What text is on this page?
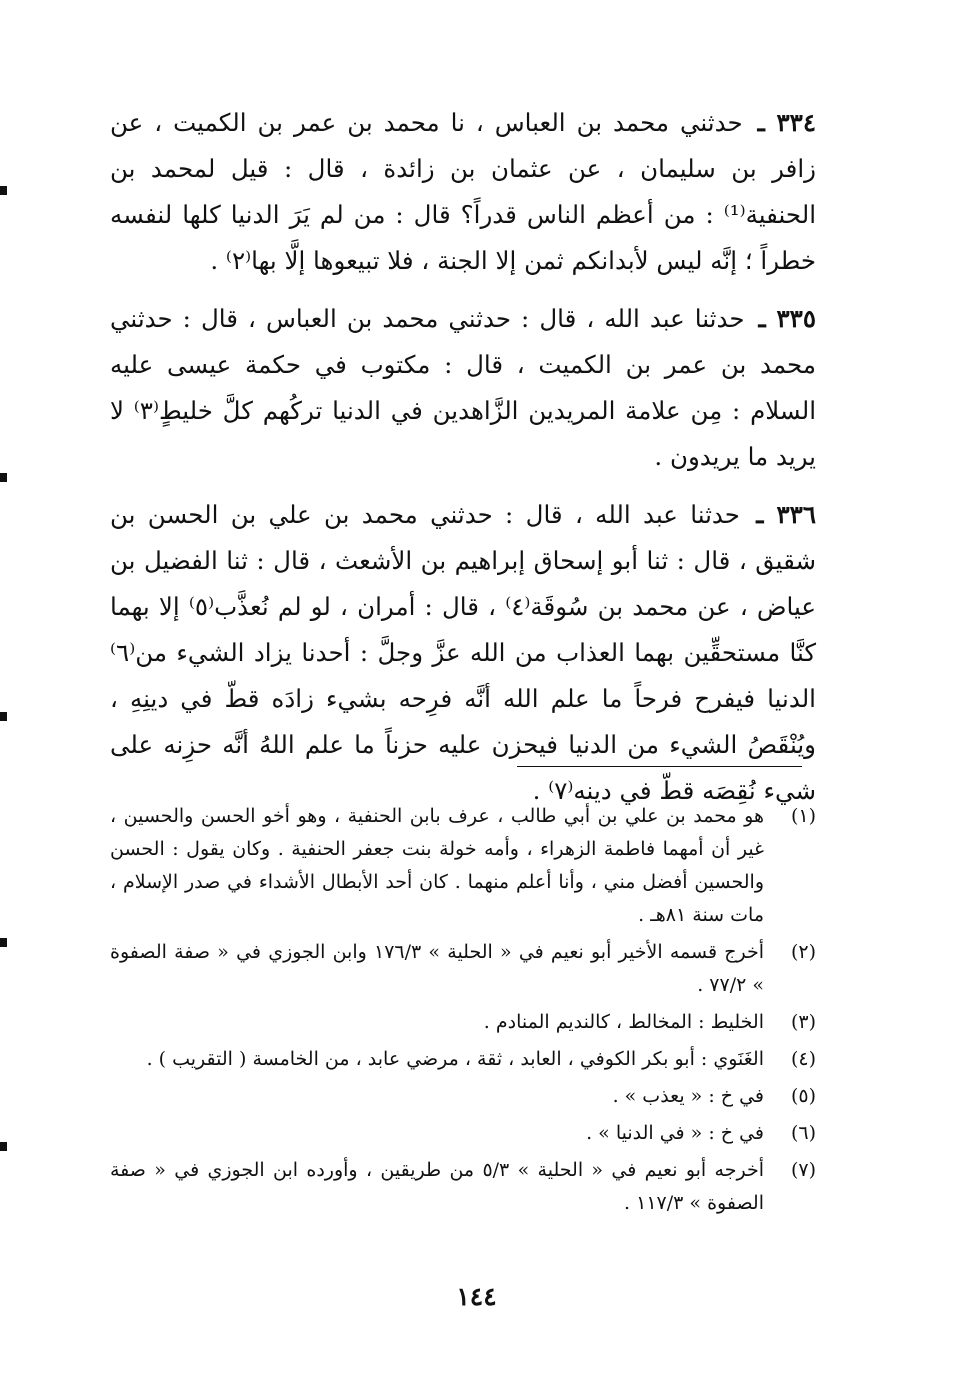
٣٣٤ ـ حدثني محمد بن العباس ، نا محمد بن عمر بن الكميت ، عن زافر بن سليمان ، عن عثمان بن زائدة ، قال : قيل لمحمد بن الحنفية⁽¹⁾ : من أعظم الناس قدراً؟ قال : من لم يَرَ الدنيا كلها لنفسه خطراً ؛ إنَّه ليس لأبدانكم ثمن إلا الجنة ، فلا تبيعوها إلَّا بها⁽٢⁾ .

٣٣٥ ـ حدثنا عبد الله ، قال : حدثني محمد بن العباس ، قال : حدثني محمد بن عمر بن الكميت ، قال : مكتوب في حكمة عيسى عليه السلام : مِن علامة المريدين الزَّاهدين في الدنيا تركُهم كلَّ خليطٍ⁽٣⁾ لا يريد ما يريدون .

٣٣٦ ـ حدثنا عبد الله ، قال : حدثني محمد بن علي بن الحسن بن شقيق ، قال : ثنا أبو إسحاق إبراهيم بن الأشعث ، قال : ثنا الفضيل بن عياض ، عن محمد بن سُوقَة⁽٤⁾ ، قال : أمران ، لو لم نُعذَّب⁽٥⁾ إلا بهما كنَّا مستحقِّين بهما العذاب من الله عزَّ وجلَّ : أحدنا يزاد الشيء من⁽٦⁾ الدنيا فيفرح فرحاً ما علم الله أنَّه فرِحه بشيء زادَه قطّ في دينِهِ ، ويُنْقَصُ الشيء من الدنيا فيحزن عليه حزناً ما علم اللهُ أنَّه حزِنه على شيء نُقِصَه قطّ في دينه⁽٧⁾ .

(١)
هو محمد بن علي بن أبي طالب ، عرف بابن الحنفية ، وهو أخو الحسن والحسين ، غير أن أمهما فاطمة الزهراء ، وأمه خولة بنت جعفر الحنفية . وكان يقول : الحسن والحسين أفضل مني ، وأنا أعلم منهما . كان أحد الأبطال الأشداء في صدر الإسلام ، مات سنة ٨١هـ .
(٢)
أخرج قسمه الأخير أبو نعيم في « الحلية » ١٧٦/٣ وابن الجوزي في « صفة الصفوة » ٧٧/٢ .
(٣)
الخليط : المخالط ، كالنديم المنادم .
(٤)
الغَنَوي : أبو بكر الكوفي ، العابد ، ثقة ، مرضي عابد ، من الخامسة ( التقريب ) .
(٥)
في خ : « يعذب » .
(٦)
في خ : « في الدنيا » .
(٧)
أخرجه أبو نعيم في « الحلية » ٥/٣ من طريقين ، وأورده ابن الجوزي في « صفة الصفوة » ١١٧/٣ .
١٤٤
